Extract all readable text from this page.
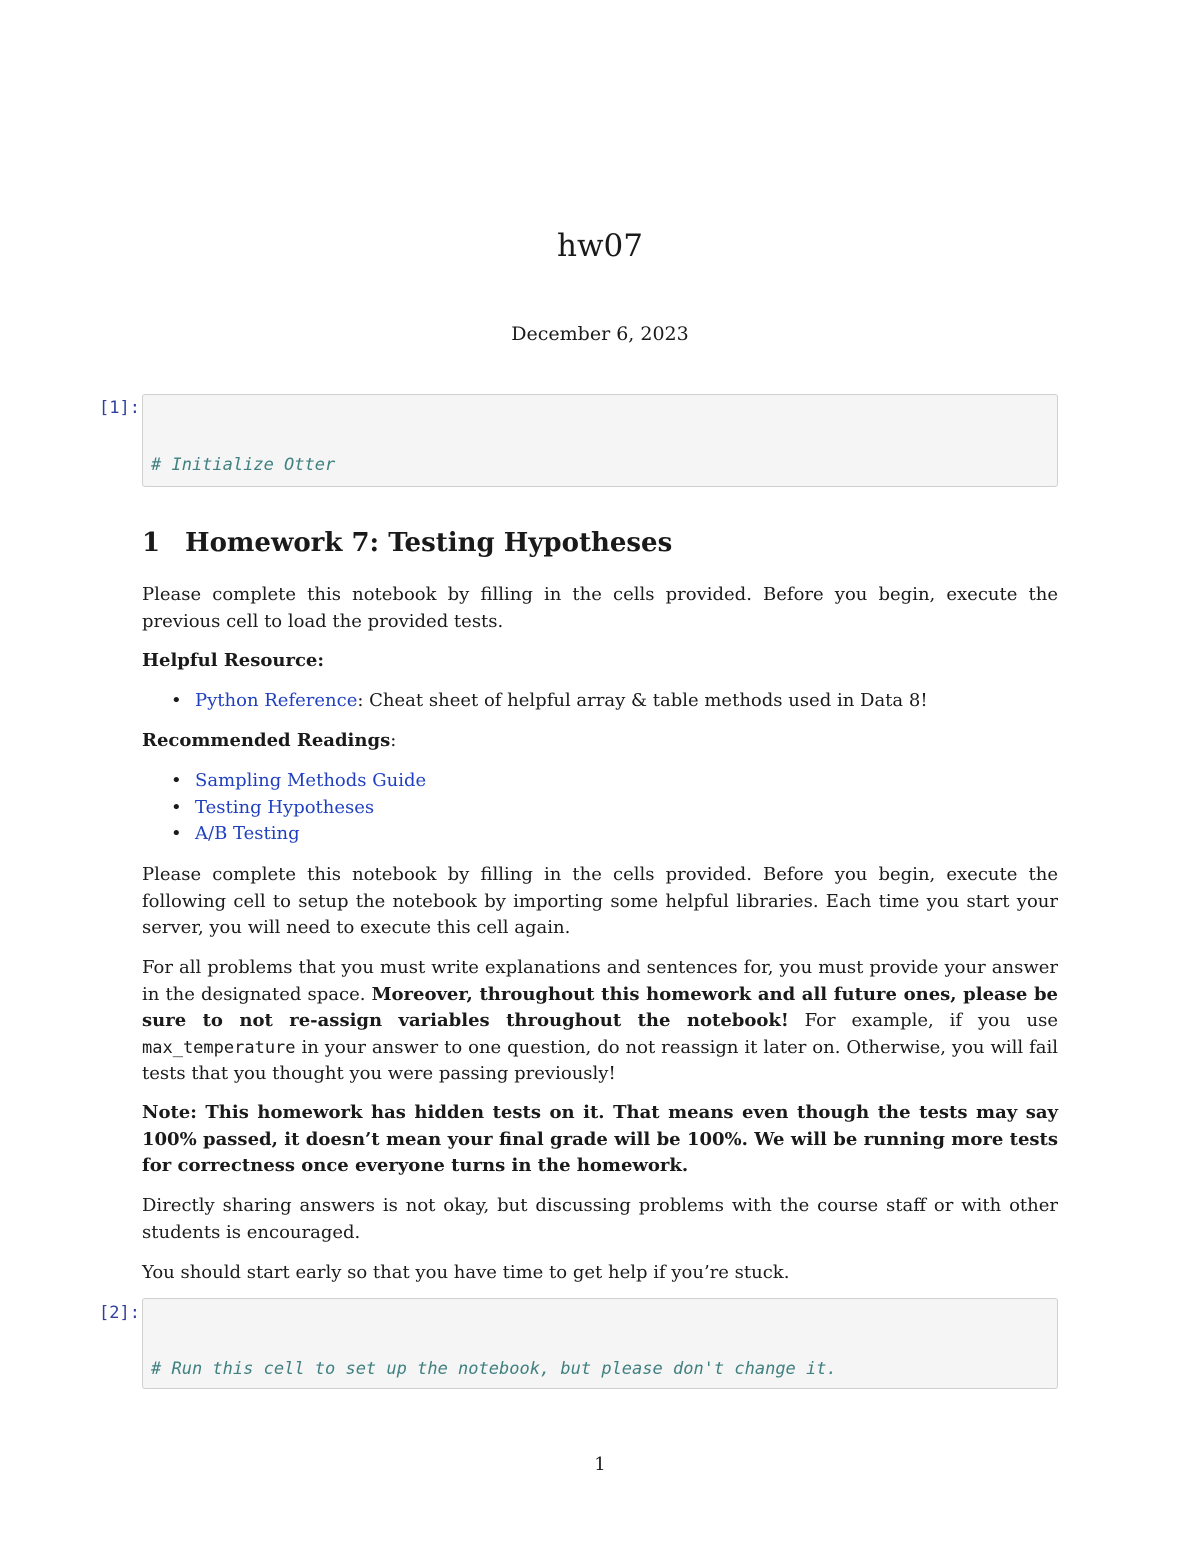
hw07
December 6, 2023
[1]:

# Initialize Otter

1 Homework 7: Testing Hypotheses

Please complete this notebook by filling in the cells provided. Before you begin, execute the previous cell to load the provided tests.

Helpful Resource:
• Python Reference: Cheat sheet of helpful array & table methods used in Data 8!
Recommended Readings:
• Sampling Methods Guide
• Testing Hypotheses
• A/B Testing

Please complete this notebook by filling in the cells provided. Before you begin, execute the following cell to setup the notebook by importing some helpful libraries. Each time you start your server, you will need to execute this cell again.

For all problems that you must write explanations and sentences for, you must provide your answer in the designated space. Moreover, throughout this homework and all future ones, please be sure to not re-assign variables throughout the notebook! For example, if you use max_temperature in your answer to one question, do not reassign it later on. Otherwise, you will fail tests that you thought you were passing previously!

Note: This homework has hidden tests on it. That means even though the tests may say 100% passed, it doesn’t mean your final grade will be 100%. We will be running more tests for correctness once everyone turns in the homework.

Directly sharing answers is not okay, but discussing problems with the course staff or with other students is encouraged.

You should start early so that you have time to get help if you’re stuck.

[2]:

# Run this cell to set up the notebook, but please don't change it.

1
